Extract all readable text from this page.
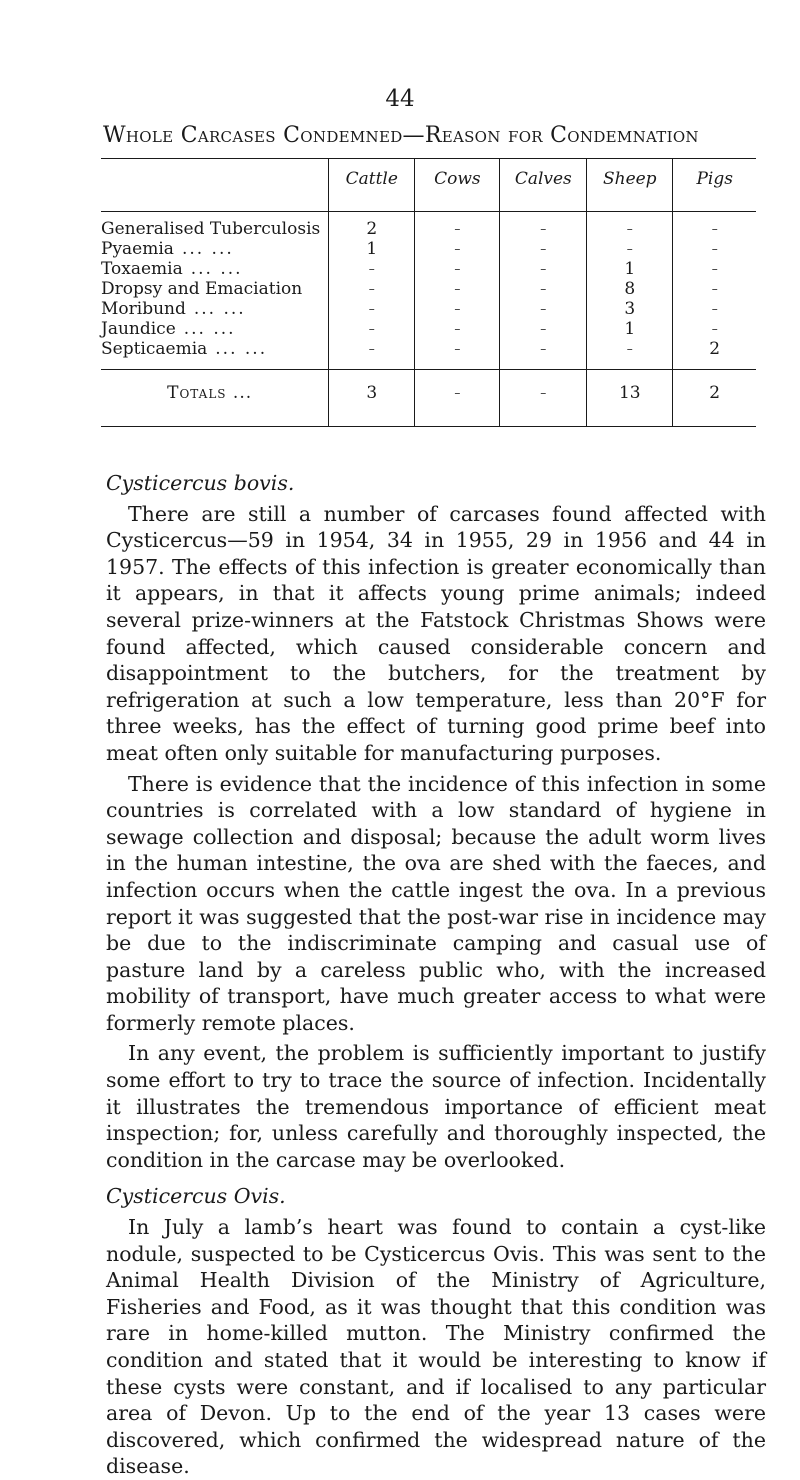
44
Whole Carcases Condemned—Reason for Condemnation
	Cattle	Cows	Calves	Sheep	Pigs
Generalised Tuberculosis	2	–	–	–	–
Pyaemia ... ...	1	–	–	–	–
Toxaemia ... ...	–	–	–	1	–
Dropsy and Emaciation	–	–	–	8	–
Moribund ... ...	–	–	–	3	–
Jaundice ... ...	–	–	–	1	–
Septicaemia ... ...	–	–	–	–	2
Totals ...	3	–	–	13	2

Cysticercus bovis.

There are still a number of carcases found affected with Cysticercus—59 in 1954, 34 in 1955, 29 in 1956 and 44 in 1957. The effects of this infection is greater economically than it appears, in that it affects young prime animals; indeed several prize-winners at the Fatstock Christmas Shows were found affected, which caused considerable concern and disappointment to the butchers, for the treatment by refrigeration at such a low temperature, less than 20°F for three weeks, has the effect of turning good prime beef into meat often only suitable for manufacturing purposes.

There is evidence that the incidence of this infection in some countries is correlated with a low standard of hygiene in sewage collection and disposal; because the adult worm lives in the human intestine, the ova are shed with the faeces, and infection occurs when the cattle ingest the ova. In a previous report it was suggested that the post-war rise in incidence may be due to the indiscriminate camping and casual use of pasture land by a careless public who, with the increased mobility of transport, have much greater access to what were formerly remote places.

In any event, the problem is sufficiently important to justify some effort to try to trace the source of infection. Incidentally it illustrates the tremendous importance of efficient meat inspection; for, unless carefully and thoroughly inspected, the condition in the carcase may be overlooked.

Cysticercus Ovis.

In July a lamb’s heart was found to contain a cyst-like nodule, suspected to be Cysticercus Ovis. This was sent to the Animal Health Division of the Ministry of Agriculture, Fisheries and Food, as it was thought that this condition was rare in home-killed mutton. The Ministry confirmed the condition and stated that it would be interesting to know if these cysts were constant, and if localised to any particular area of Devon. Up to the end of the year 13 cases were discovered, which confirmed the widespread nature of the disease.
